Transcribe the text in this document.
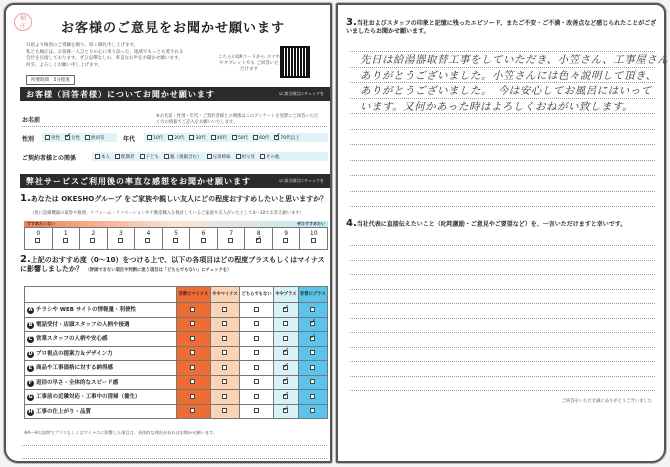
桶
庄	お客様のご意見をお聞かせ願います
日頃より格別のご愛顧を賜り、厚く御礼申し上げます。
私ども桶庄は、お客様一人ひとりの心に寄り添った、地域でもっとも愛される
会社を目指しております。ぜひ忌憚なしの、率直なお声をお聞かせ願います。
何卒、よろしくお願い申し上げます。
所要時間　5分程度
こちらのQRコードから スマホやタブレットでも ご回答いただけます
お客様（回答者様）についてお聞かせ願います	☑ 該当項目にチェックを
お名前
※お名前・性別・年代・ご契約者様との関係はこのアンケートを実際にご回答いただく方の情報でご記入をお願いいたします。
性別	男性 ✓	女性	無回答	年代	10代	20代	30代	40代	50代	60代 ✓	70代以上
ご契約者様との関係	本人	配偶者	子ども	親（義親含む）	兄弟姉妹	祖父母	その他
弊社サービスご利用後の率直な感想をお聞かせ願います	☑ 該当項目にチェックを
1.あなたは OKESHOグループ をご家族や親しい友人にどの程度おすすめしたいと思いますか？
（仮に設備機器の取替や修理、リフォーム・リノベーションや不動産購入を検討しているご家族や友人がいたとして0〜10でお答え願います）
すすめたくない	ぜひすすめたい
0	1	2	3	4	5	6	7 ✓	9	10
2.上記のおすすめ度（0〜10）をつける上で、以下の各項目はどの程度プラスもしくはマイナスに影響しましたか？ （評価できない項目や判断に迷う項目は「どちらでもない」にチェックを）
	非常にマイナス	ややマイナス	どちらでもない	ややプラス	非常にプラス
A チラシや WEB サイトの情報量・利便性				✓	
B 電話受付・店頭スタッフの人柄や接遇					✓
C 営業スタッフの人柄や安心感					✓
D プロ視点の提案力＆デザイン力				✓	
E 商品や工事価格に対する納得感				✓	
F 返信の早さ・全体的なスピード感				✓	
G 工事前の近隣対応・工事中の清掃（養生）				✓	
H 工事の仕上がり・品質				✓	
※A〜Hの設問でプラスもしくはマイナスに影響した項目は、具体的な理由があればお聞かせ願います。
3.当社およびスタッフの印象と記憶に残ったエピソード、またご不安・ご不満・改善点など感じられたことがございましたらお聞かせ願います。
先日は給湯器取替工事をしていただき、小笠さん、工事屋さん
ありがとうございました。小笠さんには色々説明して頂き、
ありがとうございました。　今は安心してお風呂にはいって
います。又何かあった時はよろしくおねがい致します。
4.当社代表に直接伝えたいこと（叱咤激励・ご意見やご要望など）を、一言いただけますと幸いです。
ご回答をいただき誠にありがとうございました
